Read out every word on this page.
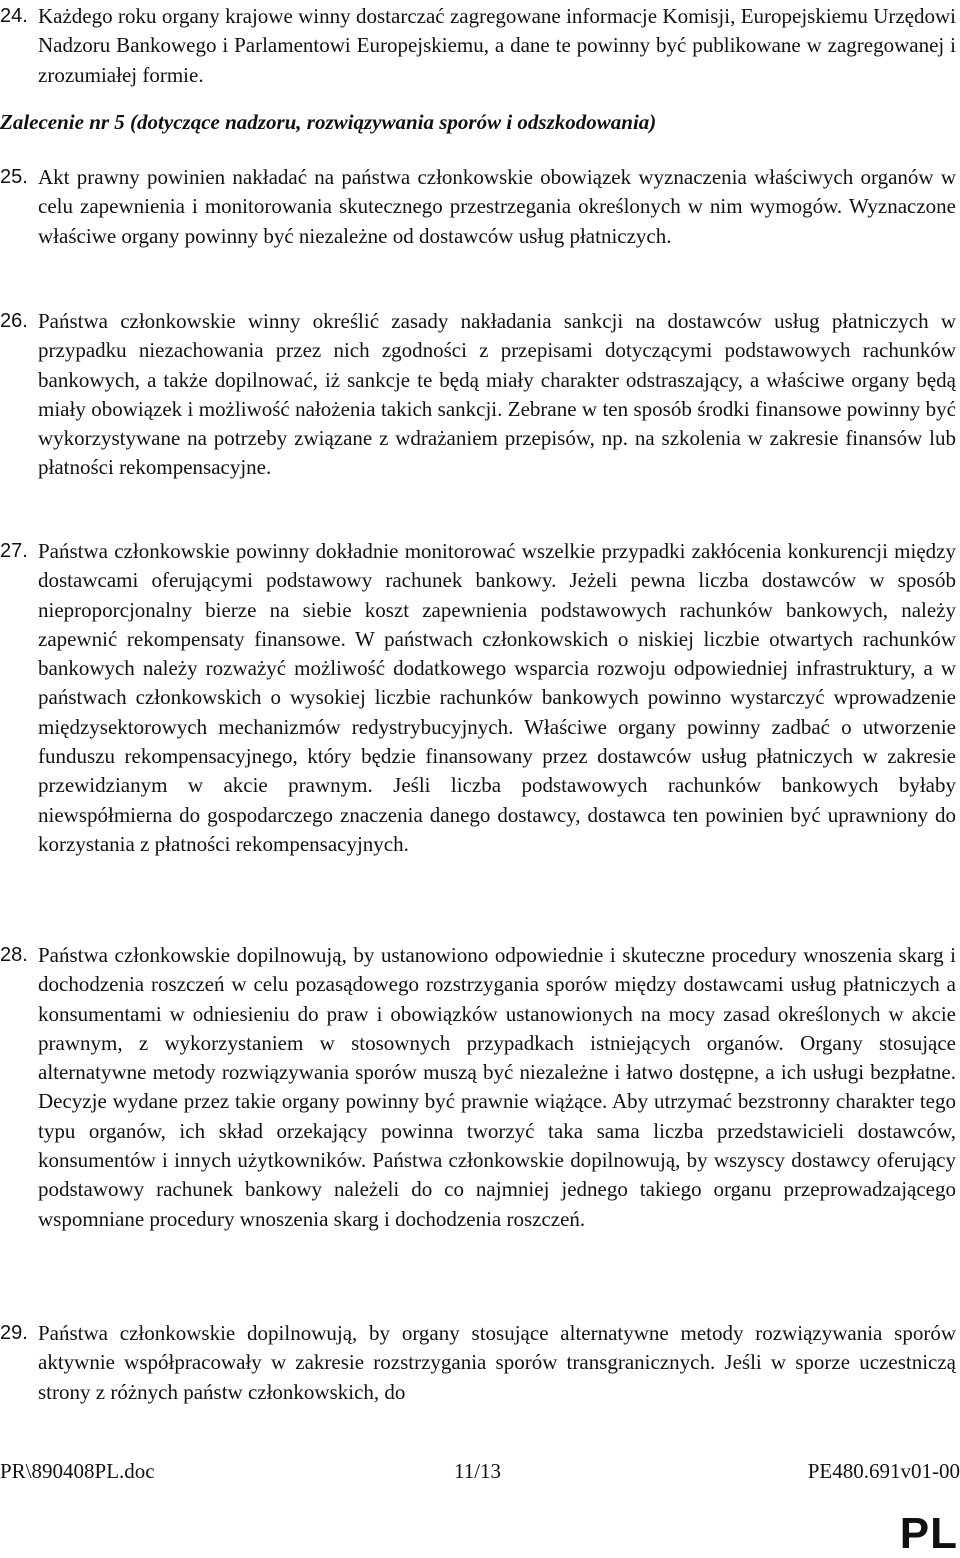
24. Każdego roku organy krajowe winny dostarczać zagregowane informacje Komisji, Europejskiemu Urzędowi Nadzoru Bankowego i Parlamentowi Europejskiemu, a dane te powinny być publikowane w zagregowanej i zrozumiałej formie.
Zalecenie nr 5 (dotyczące nadzoru, rozwiązywania sporów i odszkodowania)
25. Akt prawny powinien nakładać na państwa członkowskie obowiązek wyznaczenia właściwych organów w celu zapewnienia i monitorowania skutecznego przestrzegania określonych w nim wymogów. Wyznaczone właściwe organy powinny być niezależne od dostawców usług płatniczych.
26. Państwa członkowskie winny określić zasady nakładania sankcji na dostawców usług płatniczych w przypadku niezachowania przez nich zgodności z przepisami dotyczącymi podstawowych rachunków bankowych, a także dopilnować, iż sankcje te będą miały charakter odstraszający, a właściwe organy będą miały obowiązek i możliwość nałożenia takich sankcji. Zebrane w ten sposób środki finansowe powinny być wykorzystywane na potrzeby związane z wdrażaniem przepisów, np. na szkolenia w zakresie finansów lub płatności rekompensacyjne.
27. Państwa członkowskie powinny dokładnie monitorować wszelkie przypadki zakłócenia konkurencji między dostawcami oferującymi podstawowy rachunek bankowy. Jeżeli pewna liczba dostawców w sposób nieproporcjonalny bierze na siebie koszt zapewnienia podstawowych rachunków bankowych, należy zapewnić rekompensaty finansowe. W państwach członkowskich o niskiej liczbie otwartych rachunków bankowych należy rozważyć możliwość dodatkowego wsparcia rozwoju odpowiedniej infrastruktury, a w państwach członkowskich o wysokiej liczbie rachunków bankowych powinno wystarczyć wprowadzenie międzysektorowych mechanizmów redystrybucyjnych. Właściwe organy powinny zadbać o utworzenie funduszu rekompensacyjnego, który będzie finansowany przez dostawców usług płatniczych w zakresie przewidzianym w akcie prawnym. Jeśli liczba podstawowych rachunków bankowych byłaby niewspółmierna do gospodarczego znaczenia danego dostawcy, dostawca ten powinien być uprawniony do korzystania z płatności rekompensacyjnych.
28. Państwa członkowskie dopilnowują, by ustanowiono odpowiednie i skuteczne procedury wnoszenia skarg i dochodzenia roszczeń w celu pozasądowego rozstrzygania sporów między dostawcami usług płatniczych a konsumentami w odniesieniu do praw i obowiązków ustanowionych na mocy zasad określonych w akcie prawnym, z wykorzystaniem w stosownych przypadkach istniejących organów. Organy stosujące alternatywne metody rozwiązywania sporów muszą być niezależne i łatwo dostępne, a ich usługi bezpłatne. Decyzje wydane przez takie organy powinny być prawnie wiążące. Aby utrzymać bezstronny charakter tego typu organów, ich skład orzekający powinna tworzyć taka sama liczba przedstawicieli dostawców, konsumentów i innych użytkowników. Państwa członkowskie dopilnowują, by wszyscy dostawcy oferujący podstawowy rachunek bankowy należeli do co najmniej jednego takiego organu przeprowadzającego wspomniane procedury wnoszenia skarg i dochodzenia roszczeń.
29. Państwa członkowskie dopilnowują, by organy stosujące alternatywne metody rozwiązywania sporów aktywnie współpracowały w zakresie rozstrzygania sporów transgranicznych. Jeśli w sporze uczestniczą strony z różnych państw członkowskich, do
PR\890408PL.doc	11/13	PE480.691v01-00
PL
